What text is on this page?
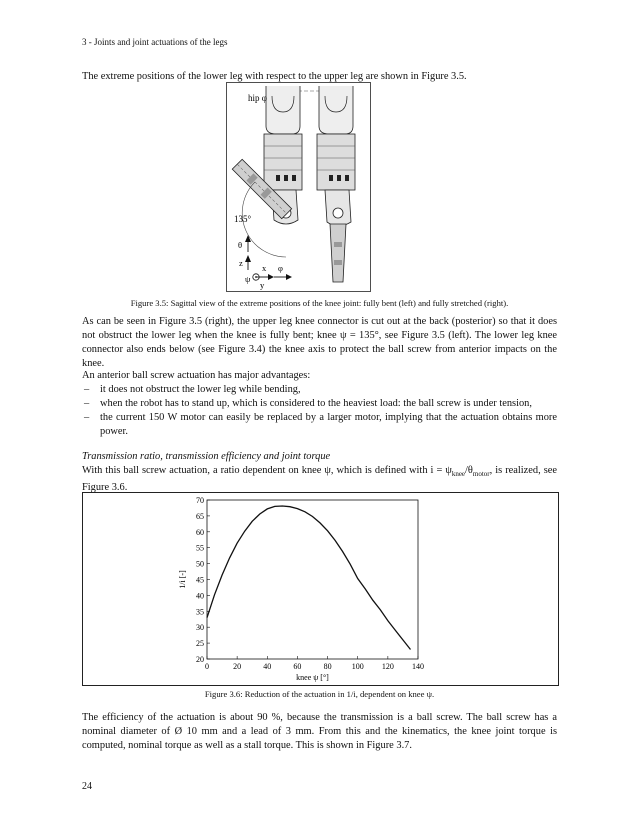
3 - Joints and joint actuations of the legs
The extreme positions of the lower leg with respect to the upper leg are shown in Figure 3.5.
hip φ
135°
θ
z x φ
ψ
y
Figure 3.5: Sagittal view of the extreme positions of the knee joint: fully bent (left) and fully stretched (right).
As can be seen in Figure 3.5 (right), the upper leg knee connector is cut out at the back (posterior) so that it does not obstruct the lower leg when the knee is fully bent; knee ψ = 135°, see Figure 3.5 (left). The lower leg knee connector also ends below (see Figure 3.4) the knee axis to protect the ball screw from anterior impacts on the knee.
An anterior ball screw actuation has major advantages:
– it does not obstruct the lower leg while bending,
– when the robot has to stand up, which is considered to the heaviest load: the ball screw is under tension,
– the current 150 W motor can easily be replaced by a larger motor, implying that the actuation obtains more power.
Transmission ratio, transmission efficiency and joint torque
With this ball screw actuation, a ratio dependent on knee ψ, which is defined with $i = \psi_{knee}/\theta_{motor}$, is realized, see Figure 3.6.
0	20	40	60	80	100 120 140
20
25
30
35
40
45
50
55
60
65
70
knee ψ [°]
1/i [-]
Figure 3.6: Reduction of the actuation in 1/i, dependent on knee ψ.
The efficiency of the actuation is about 90 %, because the transmission is a ball screw. The ball screw has a nominal diameter of Ø 10 mm and a lead of 3 mm. From this and the kinematics, the knee joint torque is computed, nominal torque as well as a stall torque. This is shown in Figure 3.7.
24
